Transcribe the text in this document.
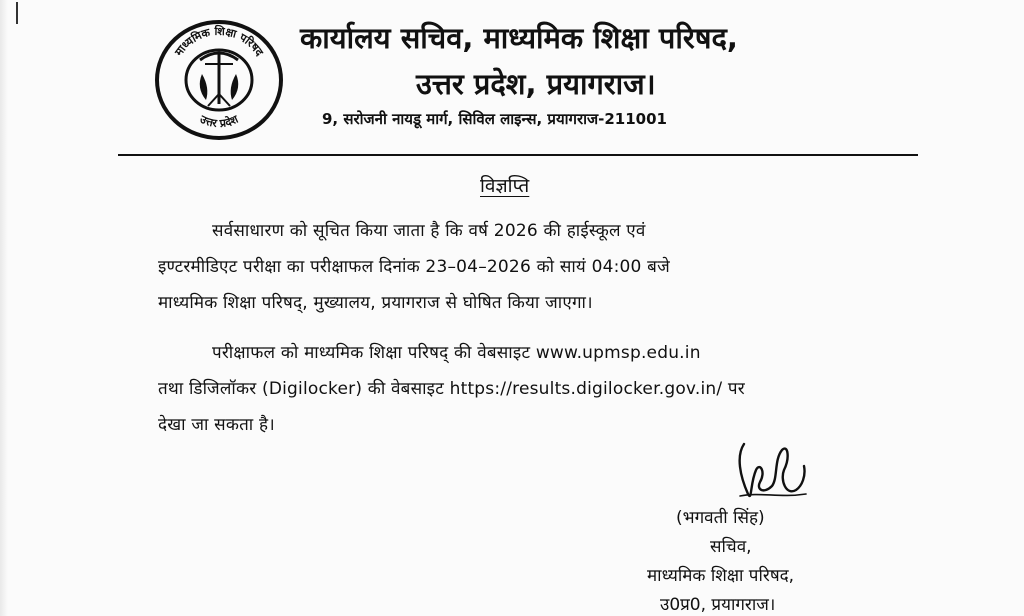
माध्यमिक शिक्षा परिषद
उत्तर प्रदेश
कार्यालय सचिव, माध्यमिक शिक्षा परिषद,
उत्तर प्रदेश, प्रयागराज।
9, सरोजनी नायडू मार्ग, सिविल लाइन्स, प्रयागराज-211001
विज्ञप्ति
सर्वसाधारण को सूचित किया जाता है कि वर्ष 2026 की हाईस्कूल एवं
इण्टरमीडिएट परीक्षा का परीक्षाफल दिनांक 23–04–2026 को सायं 04:00 बजे
माध्यमिक शिक्षा परिषद्, मुख्यालय, प्रयागराज से घोषित किया जाएगा।
परीक्षाफल को माध्यमिक शिक्षा परिषद् की वेबसाइट www.upmsp.edu.in
तथा डिजिलॉकर (Digilocker) की वेबसाइट https://results.digilocker.gov.in/ पर
देखा जा सकता है।
(भगवती सिंह)
सचिव,
माध्यमिक शिक्षा परिषद,
उ0प्र0, प्रयागराज।
